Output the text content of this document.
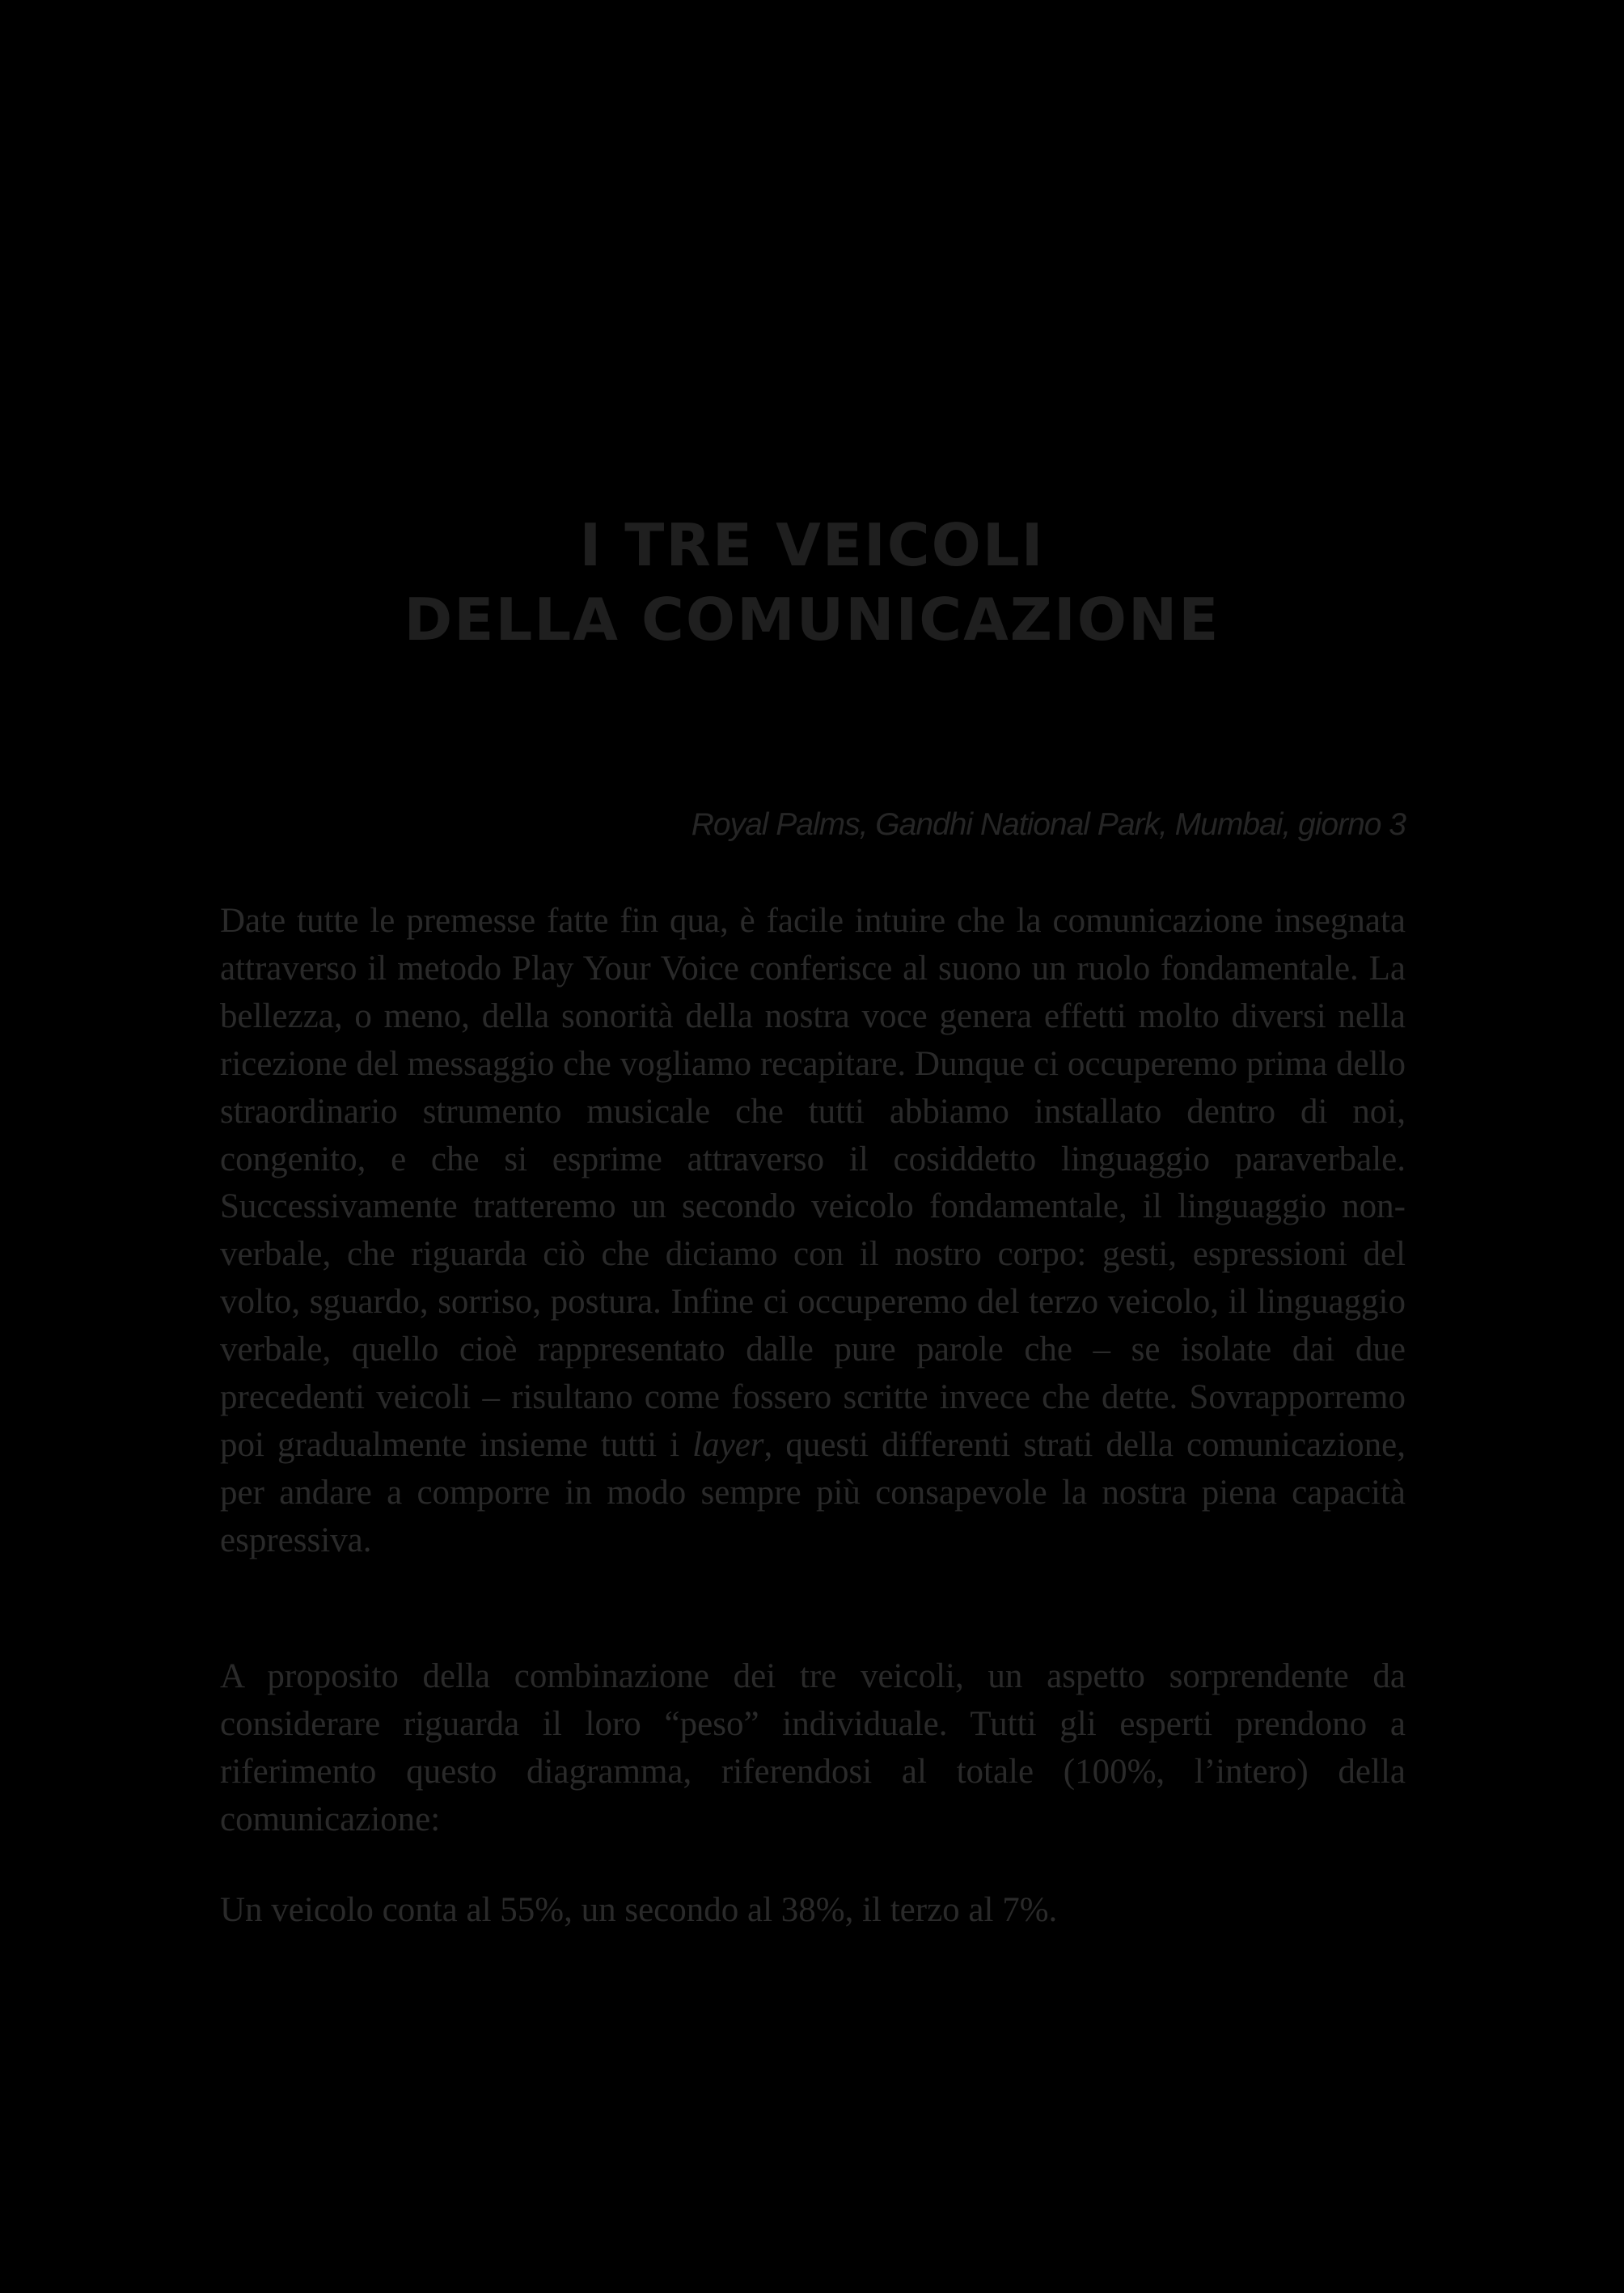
I TRE VEICOLI
DELLA COMUNICAZIONE
Royal Palms, Gandhi National Park, Mumbai, giorno 3

Date tutte le premesse fatte fin qua, è facile intuire che la comunicazione insegnata attraverso il metodo Play Your Voice conferisce al suono un ruolo fondamentale. La bellezza, o meno, della sonorità della nostra voce genera effetti molto diversi nella ricezione del messaggio che vogliamo recapitare. Dunque ci occuperemo prima dello straordinario strumento musicale che tutti abbiamo installato dentro di noi, congenito, e che si esprime attraverso il cosiddetto linguaggio paraverbale. Successivamente tratteremo un secondo veicolo fondamentale, il linguaggio non-verbale, che riguarda ciò che diciamo con il nostro corpo: gesti, espressioni del volto, sguardo, sorriso, postura. Infine ci occuperemo del terzo veicolo, il linguaggio verbale, quello cioè rappresentato dalle pure parole che – se isolate dai due precedenti veicoli – risultano come fossero scritte invece che dette. Sovrapporremo poi gradualmente insieme tutti i layer, questi differenti strati della comunicazione, per andare a comporre in modo sempre più consapevole la nostra piena capacità espressiva.

A proposito della combinazione dei tre veicoli, un aspetto sorprendente da considerare riguarda il loro “peso” individuale. Tutti gli esperti prendono a riferimento questo diagramma, riferendosi al totale (100%, l’intero) della comunicazione:

Un veicolo conta al 55%, un secondo al 38%, il terzo al 7%.
